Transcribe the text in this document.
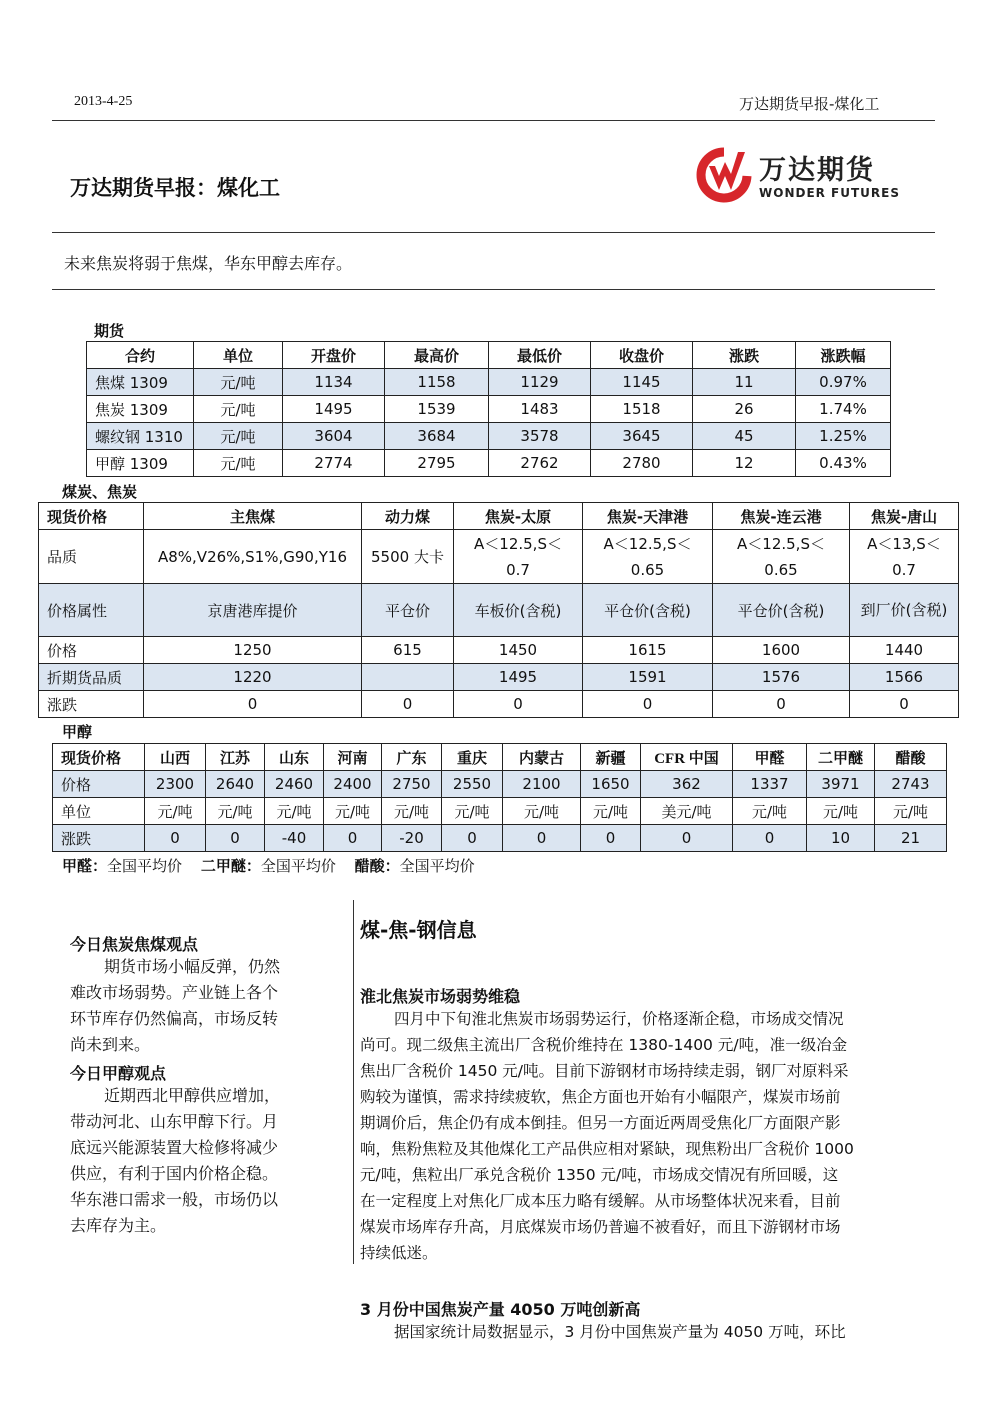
2013-4-25	万达期货早报-煤化工
万达期货早报：煤化工
万达期货
WONDER FUTURES
未来焦炭将弱于焦煤，华东甲醇去库存。
期货
合约	单位	开盘价	最高价	最低价	收盘价	涨跌	涨跌幅
焦煤 1309	元/吨	1134	1158	1129	1145	11	0.97%
焦炭 1309	元/吨	1495	1539	1483	1518	26	1.74%
螺纹钢 1310	元/吨	3604	3684	3578	3645	45	1.25%
甲醇 1309	元/吨	2774	2795	2762	2780	12	0.43%
煤炭、焦炭
现货价格	主焦煤	动力煤	焦炭-太原	焦炭-天津港	焦炭-连云港	焦炭-唐山
品质	A8%,V26%,S1%,G90,Y16	5500 大卡	A＜12.5,S＜0.7	A＜12.5,S＜0.65	A＜12.5,S＜0.65	A＜13,S＜0.7
价格属性	京唐港库提价	平仓价	车板价(含税)	平仓价(含税)	平仓价(含税)	到厂价(含税)
价格	1250	615	1450	1615	1600	1440
折期货品质	1220		1495	1591	1576	1566
涨跌	0	0	0	0	0	0
甲醇
现货价格	山西	江苏	山东	河南	广东	重庆	内蒙古	新疆	CFR 中国	甲醛	二甲醚	醋酸
价格	2300	2640	2460	2400	2750	2550	2100	1650	362	1337	3971	2743
单位	元/吨	元/吨	元/吨	元/吨	元/吨	元/吨	元/吨	元/吨	美元/吨	元/吨	元/吨	元/吨
涨跌	0	0	-40	0	-20	0	0	0	0	0	10	21
甲醛：全国平均价 二甲醚：全国平均价 醋酸：全国平均价
今日焦炭焦煤观点
期货市场小幅反弹，仍然
难改市场弱势。产业链上各个
环节库存仍然偏高，市场反转
尚未到来。
今日甲醇观点
近期西北甲醇供应增加，
带动河北、山东甲醇下行。月
底远兴能源装置大检修将减少
供应，有利于国内价格企稳。
华东港口需求一般，市场仍以
去库存为主。
煤-焦-钢信息
淮北焦炭市场弱势维稳
四月中下旬淮北焦炭市场弱势运行，价格逐渐企稳，市场成交情况
尚可。现二级焦主流出厂含税价维持在 1380-1400 元/吨，准一级冶金
焦出厂含税价 1450 元/吨。目前下游钢材市场持续走弱，钢厂对原料采
购较为谨慎，需求持续疲软，焦企方面也开始有小幅限产，煤炭市场前
期调价后，焦企仍有成本倒挂。但另一方面近两周受焦化厂方面限产影
响，焦粉焦粒及其他煤化工产品供应相对紧缺，现焦粉出厂含税价 1000
元/吨，焦粒出厂承兑含税价 1350 元/吨，市场成交情况有所回暖，这
在一定程度上对焦化厂成本压力略有缓解。从市场整体状况来看，目前
煤炭市场库存升高，月底煤炭市场仍普遍不被看好，而且下游钢材市场
持续低迷。
3 月份中国焦炭产量 4050 万吨创新高
据国家统计局数据显示，3 月份中国焦炭产量为 4050 万吨，环比
